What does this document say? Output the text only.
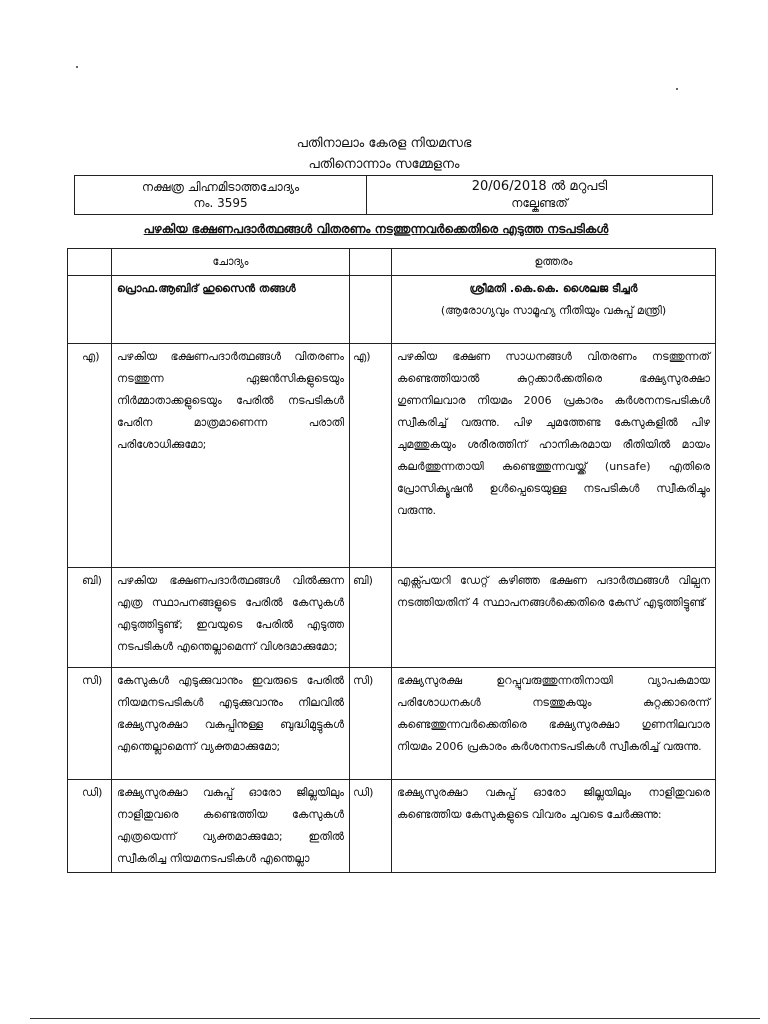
പതിനാലാം കേരള നിയമസഭ
പതിനൊന്നാം സമ്മേളനം
നക്ഷത്ര ചിഹ്നമിടാത്തചോദ്യം
നം. 3595
20/06/2018 ൽ മറുപടി
നല്കേണ്ടത്
പഴകിയ ഭക്ഷണപദാർത്ഥങ്ങൾ വിതരണം നടത്തുന്നവർക്കെതിരെ എടുത്ത നടപടികൾ
	ചോദ്യം		ഉത്തരം
	പ്രൊഫ.ആബിദ് ഹുസൈൻ തങ്ങൾ		ശ്രീമതി .കെ.കെ. ശൈലജ ടീച്ചർ
(ആരോഗ്യവും സാമൂഹ്യ നീതിയും വകുപ്പ് മന്ത്രി)

എ)	പഴകിയ ഭക്ഷണപദാർത്ഥങ്ങൾ വിതരണം നടത്തുന്ന ഏജൻസികളുടെയും നിർമ്മാതാക്കളുടെയും പേരിൽ നടപടികൾ പേരിന മാത്രമാണെന്ന പരാതി പരിശോധിക്കുമോ;	എ)	പഴകിയ ഭക്ഷണ സാധനങ്ങൾ വിതരണം നടത്തുന്നത് കണ്ടെത്തിയാൽ കുറ്റക്കാർക്കതിരെ ഭക്ഷ്യസുരക്ഷാ ഗുണനിലവാര നിയമം 2006 പ്രകാരം കർശനനടപടികൾ സ്വീകരിച്ച് വരുന്നു. പിഴ ചുമത്തേണ്ട കേസുകളിൽ പിഴ ചുമത്തുകയും ശരീരത്തിന് ഹാനികരമായ രീതിയിൽ മായം കലർത്തുന്നതായി കണ്ടെത്തുന്നവയ്ക്ക് (unsafe) എതിരെ പ്രോസിക്യൂഷൻ ഉൾപ്പെടെയുള്ള നടപടികൾ സ്വീകരിച്ചും വരുന്നു.
ബി)	പഴകിയ ഭക്ഷണപദാർത്ഥങ്ങൾ വിൽക്കുന്ന എത്ര സ്ഥാപനങ്ങളുടെ പേരിൽ കേസുകൾ എടുത്തിട്ടുണ്ട്; ഇവയുടെ പേരിൽ എടുത്ത നടപടികൾ എന്തെല്ലാമെന്ന് വിശദമാക്കുമോ;	ബി)	എക്സ്പയറി ഡേറ്റ് കഴിഞ്ഞ ഭക്ഷണ പദാർത്ഥങ്ങൾ വില്പന നടത്തിയതിന് 4 സ്ഥാപനങ്ങൾക്കെതിരെ കേസ് എടുത്തിട്ടുണ്ട്
സി)	കേസുകൾ എടുക്കുവാനും ഇവരുടെ പേരിൽ നിയമനടപടികൾ എടുക്കുവാനും നിലവിൽ ഭക്ഷ്യസുരക്ഷാ വകുപ്പിനുള്ള ബുദ്ധിമുട്ടുകൾ എന്തെല്ലാമെന്ന് വ്യക്തമാക്കുമോ;	സി)	ഭക്ഷ്യസുരക്ഷ ഉറപ്പുവരുത്തുന്നതിനായി വ്യാപകമായ പരിശോധനകൾ നടത്തുകയും കുറ്റക്കാരെന്ന് കണ്ടെത്തുന്നവർക്കെതിരെ ഭക്ഷ്യസുരക്ഷാ ഗുണനിലവാര നിയമം 2006 പ്രകാരം കർശനനടപടികൾ സ്വീകരിച്ച് വരുന്നു.
ഡി)	ഭക്ഷ്യസുരക്ഷാ വകുപ്പ് ഓരോ ജില്ലയിലും നാളിതുവരെ കണ്ടെത്തിയ കേസുകൾ എത്രയെന്ന് വ്യക്തമാക്കുമോ; ഇതിൽ സ്വീകരിച്ച നിയമനടപടികൾ എന്തെല്ലാ	ഡി)	ഭക്ഷ്യസുരക്ഷാ വകുപ്പ് ഓരോ ജില്ലയിലും നാളിതുവരെ കണ്ടെത്തിയ കേസുകളുടെ വിവരം ചുവടെ ചേർക്കുന്നു:
